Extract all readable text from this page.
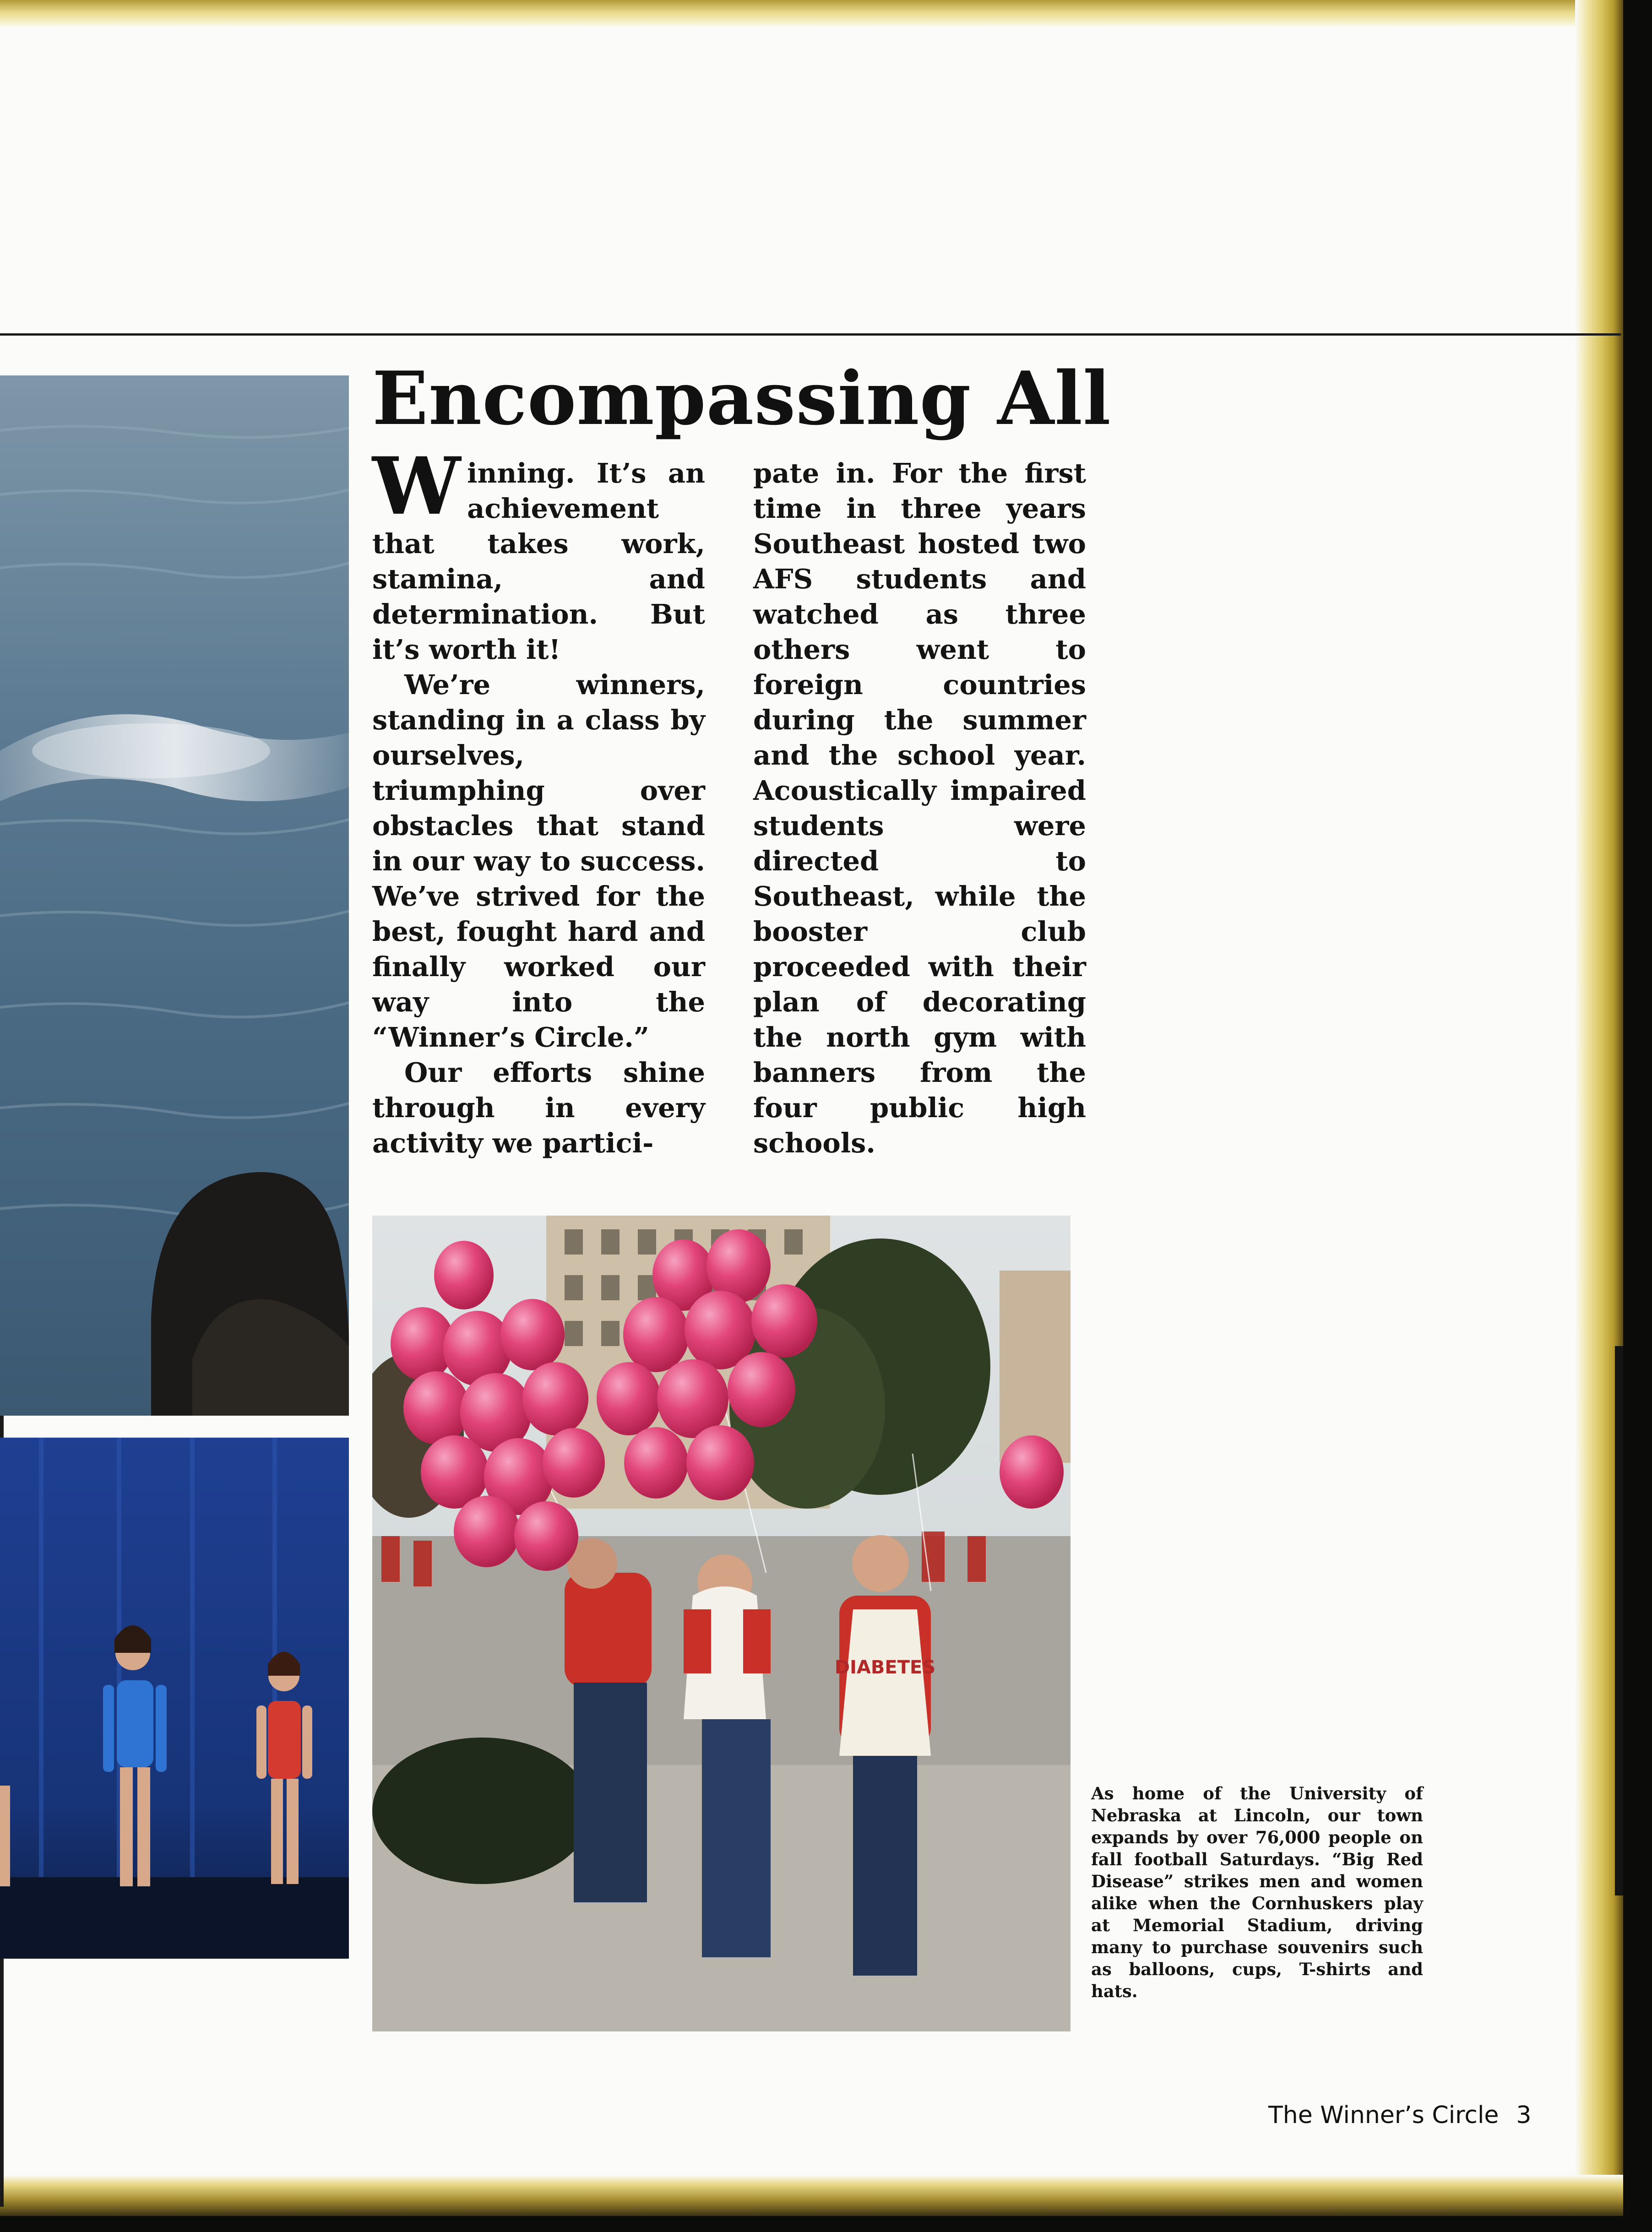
DIABETES
Encompassing All

Winning. It’s an achievement that takes work, stamina, and determination. But it’s worth it!

We’re winners, standing in a class by ourselves, triumphing over obstacles that stand in our way to success. We’ve strived for the best, fought hard and finally worked our way into the “Winner’s Circle.”

Our efforts shine through in every activity we partici-

pate in. For the first time in three years Southeast hosted two AFS students and watched as three others went to foreign countries during the summer and the school year. Acoustically impaired students were directed to Southeast, while the booster club proceeded with their plan of decorating the north gym with banners from the four public high schools.

As home of the University of Nebraska at Lincoln, our town expands by over 76,000 people on fall football Saturdays. “Big Red Disease” strikes men and women alike when the Cornhuskers play at Memorial Stadium, driving many to purchase souvenirs such as balloons, cups, T-shirts and hats.
The Winner’s Circle 3
